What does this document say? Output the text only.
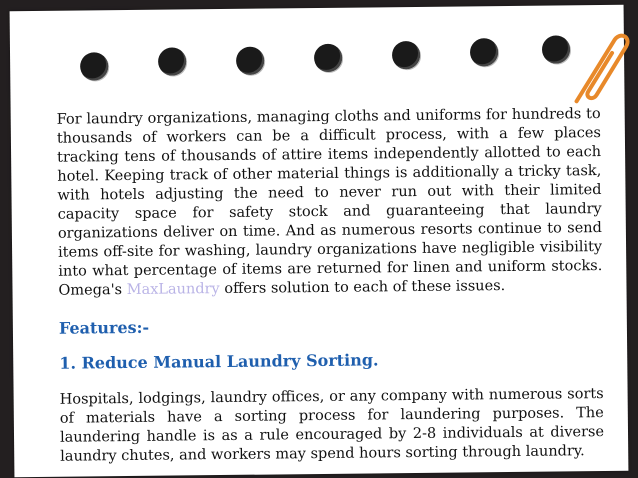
For laundry organizations, managing cloths and uniforms for hundreds to thousands of workers can be a difficult process, with a few places tracking tens of thousands of attire items independently allotted to each hotel. Keeping track of other material things is additionally a tricky task, with hotels adjusting the need to never run out with their limited capacity space for safety stock and guaranteeing that laundry organizations deliver on time. And as numerous resorts continue to send items off-site for washing, laundry organizations have negligible visibility into what percentage of items are returned for linen and uniform stocks. Omega's MaxLaundry offers solution to each of these issues.

Features:-
1. Reduce Manual Laundry Sorting.

Hospitals, lodgings, laundry offices, or any company with numerous sorts of materials have a sorting process for laundering purposes. The laundering handle is as a rule encouraged by 2-8 individuals at diverse laundry chutes, and workers may spend hours sorting through laundry.
